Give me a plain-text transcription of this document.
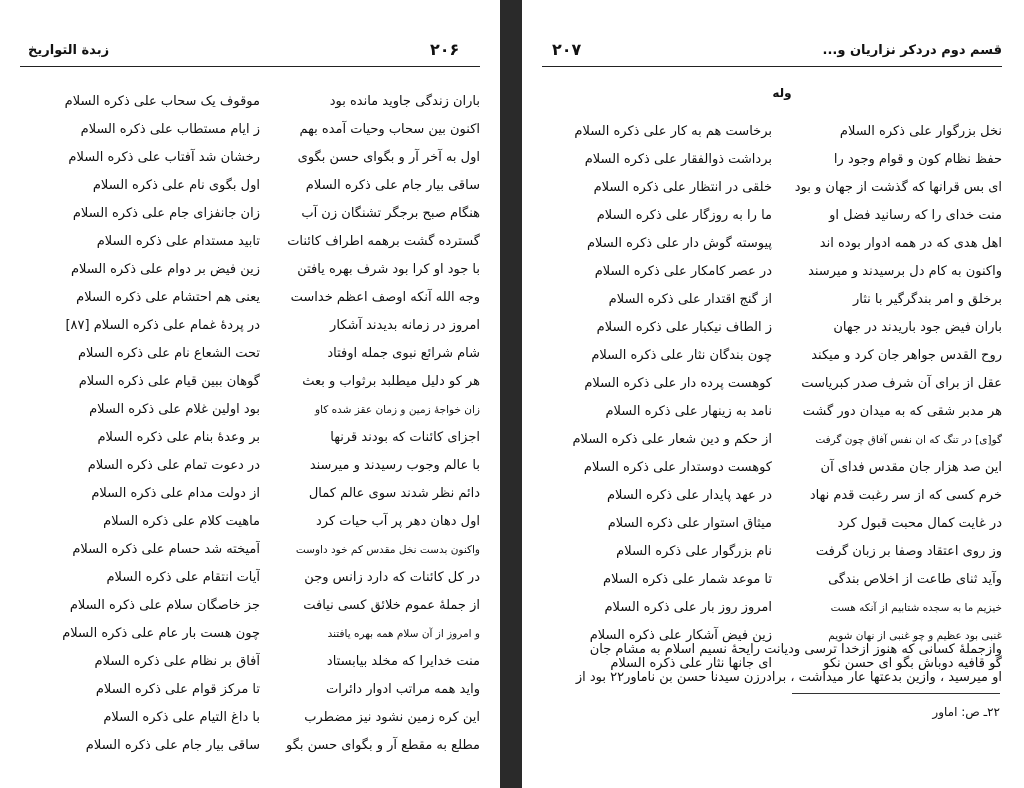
زبدة التواريخ	۲۰۶
باران زندگی جاوید مانده بود
اکنون بین سحاب وحیات آمده بهم
اول به آخر آر و بگوای حسن بگوی
ساقی بیار جام علی ذکره السلام
هنگام صبح برجگر تشنگان زن آب
گسترده گشت برهمه اطراف کائنات
با جود او کرا بود شرف بهره یافتن
وجه الله آنکه اوصف اعظم خداست
امروز در زمانه بدیدند آشکار
شام شرائع نبوی جمله اوفتاد
هر کو دلیل میطلبد برثواب و بعث
زان خواجهٔ زمین و زمان عقز شده کاو
اجزای کائنات که بودند قرنها
با عالم وجوب رسیدند و میرسند
دائم نظر شدند سوی عالم کمال
اول دهان دهر پر آب حیات کرد
واکنون بدست نخل مقدس کم خود داوست
در کل کائنات که دارد زانس وجن
از جملهٔ عموم خلائق کسی نیافت
و امروز از آن سلام همه بهره یافتند
منت خدایرا که مخلد بیابستاد
واید همه مراتب ادوار دائرات
این کره زمین نشود نیز مضطرب
مطلع به مقطع آر و بگوای حسن بگو
موقوف یک سحاب علی ذکره السلام
ز ایام مستطاب علی ذکره السلام
رخشان شد آفتاب علی ذکره السلام
اول بگوی نام علی ذکره السلام
زان جانفزای جام علی ذکره السلام
تابید مستدام علی ذکره السلام
زین فیض بر دوام علی ذکره السلام
یعنی هم احتشام علی ذکره السلام
در پردهٔ غمام علی ذکره السلام [۸۷]
تحت الشعاع نام علی ذکره السلام
گوهان ببین قیام علی ذکره السلام
بود اولین غلام علی ذکره السلام
بر وعدهٔ بنام علی ذکره السلام
در دعوت تمام علی ذکره السلام
از دولت مدام علی ذکره السلام
ماهیت کلام علی ذکره السلام
آمیخته شد حسام علی ذکره السلام
آیات انتقام علی ذکره السلام
جز خاصگان سلام علی ذکره السلام
چون هست بار عام علی ذکره السلام
آفاق بر نظام علی ذکره السلام
تا مرکز قوام علی ذکره السلام
با داغ التیام علی ذکره السلام
ساقی بیار جام علی ذکره السلام
قسم دوم دردکر نزاریان و...
۲۰۷
وله
نخل بزرگوار علی ذکره السلام
حفظ نظام کون و قوام وجود را
ای بس قرانها که گذشت از جهان و بود
منت خدای را که رسانید فضل او
اهل هدی که در همه ادوار بوده اند
واکنون به کام دل برسیدند و میرسند
برخلق و امر بندگرگیر با نثار
باران فیض جود باریدند در جهان
روح القدس جواهر جان کرد و میکند
عقل از برای آن شرف صدر کبریاست
هر مدبر شقی که به میدان دور گشت
گو[ی] در تنگ که ان نفس آفاق چون گرفت
این صد هزار جان مقدس فدای آن
خرم کسی که از سر رغبت قدم نهاد
در غایت کمال محبت قبول کرد
وز روی اعتقاد وصفا بر زبان گرفت
وآید ثنای طاعت از اخلاص بندگی
خیزیم ما به سجده شتابیم از آنکه هست
غنبی بود عظیم و چو غنبی از نهان شویم
گو قافیه دوباش بگو ای حسن نکو
برخاست هم به کار علی ذکره السلام
برداشت ذوالفقار علی ذکره السلام
خلقی در انتظار علی ذکره السلام
ما را به روزگار علی ذکره السلام
پیوسته گوش دار علی ذکره السلام
در عصر کامکار علی ذکره السلام
از گنج اقتدار علی ذکره السلام
ز الطاف نیکبار علی ذکره السلام
چون بندگان نثار علی ذکره السلام
کوهست پرده دار علی ذکره السلام
نامد به زینهار علی ذکره السلام
از حکم و دین شعار علی ذکره السلام
کوهست دوستدار علی ذکره السلام
در عهد پایدار علی ذکره السلام
میثاق استوار علی ذکره السلام
نام بزرگوار علی ذکره السلام
تا موعد شمار علی ذکره السلام
امروز روز بار علی ذکره السلام
زین فیض آشکار علی ذکره السلام
ای جانها نثار علی ذکره السلام
وازجملهٔ کسانی که هنوز ازخدا ترسی ودیانت رایحهٔ نسیم اسلام به مشام جان
او میرسید ، وازین بدعتها عار میداشت ، برادرزن سیدنا حسن بن ناماور۲۲ بود از
۲۲ـ ص: اماور
